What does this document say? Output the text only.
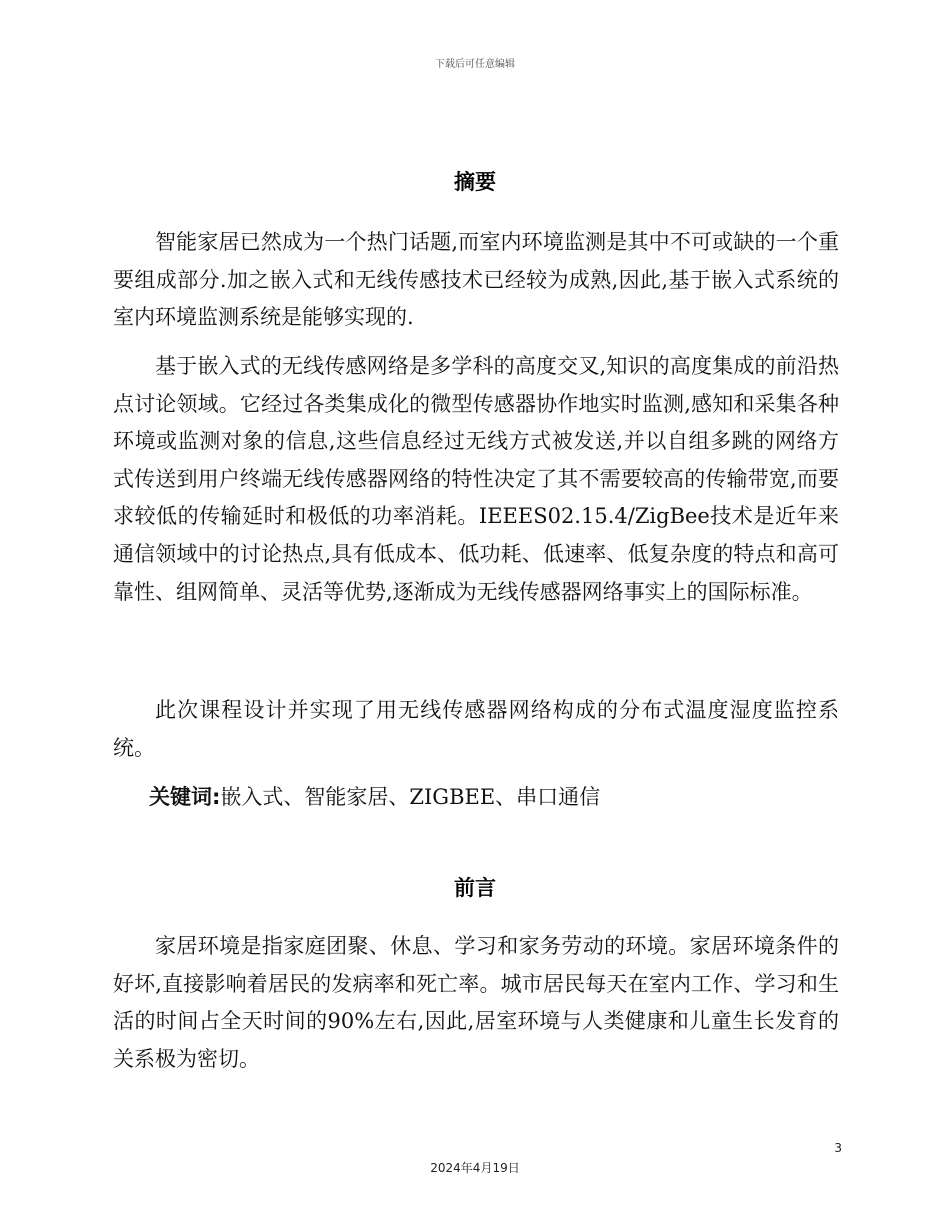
下载后可任意编辑
摘要

智能家居已然成为一个热门话题,而室内环境监测是其中不可或缺的一个重要组成部分.加之嵌入式和无线传感技术已经较为成熟,因此,基于嵌入式系统的室内环境监测系统是能够实现的.

基于嵌入式的无线传感网络是多学科的高度交叉,知识的高度集成的前沿热点讨论领域。它经过各类集成化的微型传感器协作地实时监测,感知和采集各种环境或监测对象的信息,这些信息经过无线方式被发送,并以自组多跳的网络方式传送到用户终端无线传感器网络的特性决定了其不需要较高的传输带宽,而要求较低的传输延时和极低的功率消耗。IEEES02.15.4/ZigBee技术是近年来通信领域中的讨论热点,具有低成本、低功耗、低速率、低复杂度的特点和高可靠性、组网简单、灵活等优势,逐渐成为无线传感器网络事实上的国际标准。

此次课程设计并实现了用无线传感器网络构成的分布式温度湿度监控系统。

关键词:嵌入式、智能家居、ZIGBEE、串口通信
前言

家居环境是指家庭团聚、休息、学习和家务劳动的环境。家居环境条件的好坏,直接影响着居民的发病率和死亡率。城市居民每天在室内工作、学习和生活的时间占全天时间的90%左右,因此,居室环境与人类健康和儿童生长发育的关系极为密切。

3
2024年4月19日
